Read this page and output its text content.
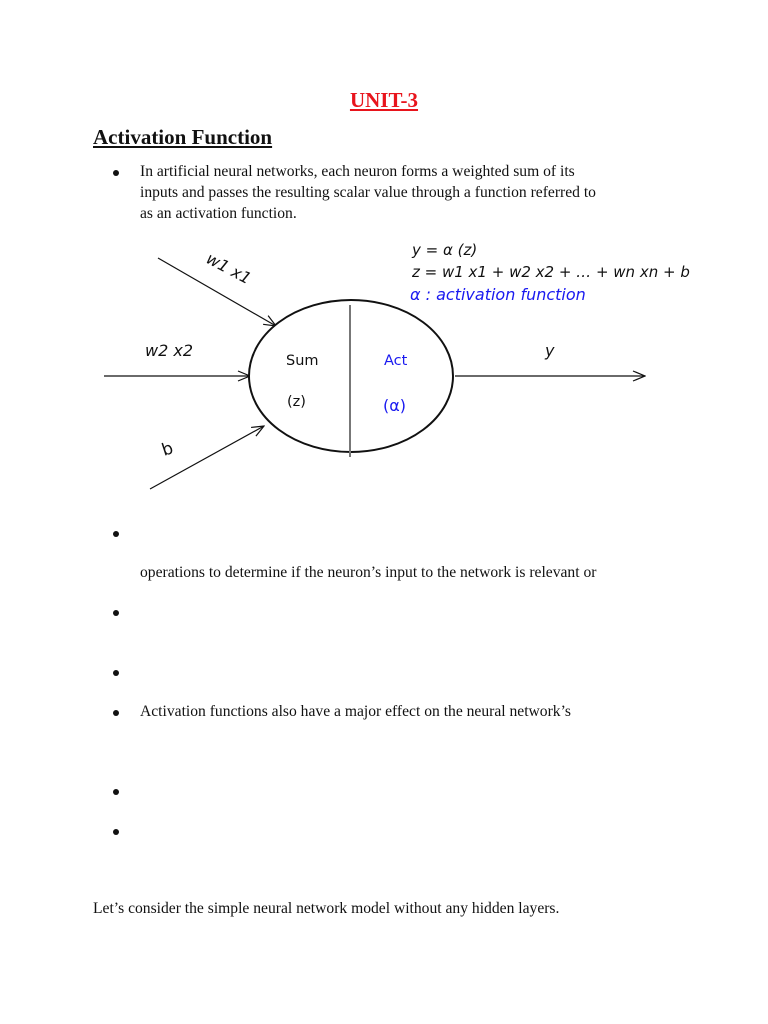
UNIT-3
Activation Function
In artificial neural networks, each neuron forms a weighted sum of its
inputs and passes the resulting scalar value through a function referred to
as an activation function.
w1 x1
w2 x2
b
Sum
(z)
Act
(α)
y
y = α (z)
z = w1 x1 + w2 x2 + … + wn xn + b
α : activation function
operations to determine if the neuron’s input to the network is relevant or
Activation functions also have a major effect on the neural network’s
Let’s consider the simple neural network model without any hidden layers.
